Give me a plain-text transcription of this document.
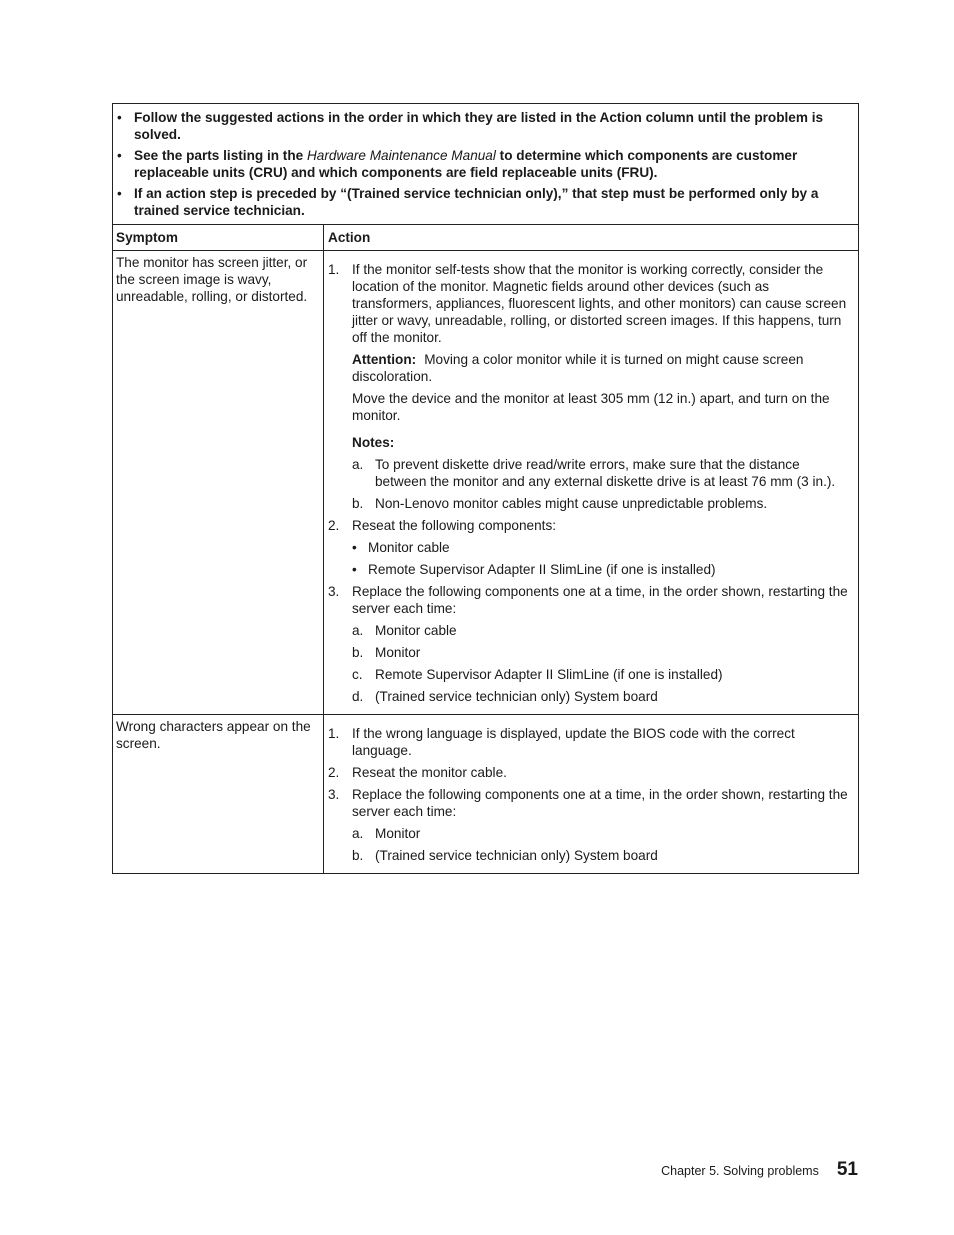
• Follow the suggested actions in the order in which they are listed in the Action column until the problem is solved.
• See the parts listing in the Hardware Maintenance Manual to determine which components are customer replaceable units (CRU) and which components are field replaceable units (FRU).
• If an action step is preceded by “(Trained service technician only),” that step must be performed only by a trained service technician.
Symptom	Action
The monitor has screen jitter, or the screen image is wavy, unreadable, rolling, or distorted.
1. If the monitor self-tests show that the monitor is working correctly, consider the location of the monitor. Magnetic fields around other devices (such as transformers, appliances, fluorescent lights, and other monitors) can cause screen jitter or wavy, unreadable, rolling, or distorted screen images. If this happens, turn off the monitor.
Attention: Moving a color monitor while it is turned on might cause screen discoloration.
Move the device and the monitor at least 305 mm (12 in.) apart, and turn on the monitor.
Notes:
a. To prevent diskette drive read/write errors, make sure that the distance between the monitor and any external diskette drive is at least 76 mm (3 in.).
b. Non-Lenovo monitor cables might cause unpredictable problems.
2. Reseat the following components:
• Monitor cable
• Remote Supervisor Adapter II SlimLine (if one is installed)
3. Replace the following components one at a time, in the order shown, restarting the server each time:
a. Monitor cable
b. Monitor
c. Remote Supervisor Adapter II SlimLine (if one is installed)
d. (Trained service technician only) System board
Wrong characters appear on the screen.
1. If the wrong language is displayed, update the BIOS code with the correct language.
2. Reseat the monitor cable.
3. Replace the following components one at a time, in the order shown, restarting the server each time:
a. Monitor
b. (Trained service technician only) System board
Chapter 5. Solving problems 51
